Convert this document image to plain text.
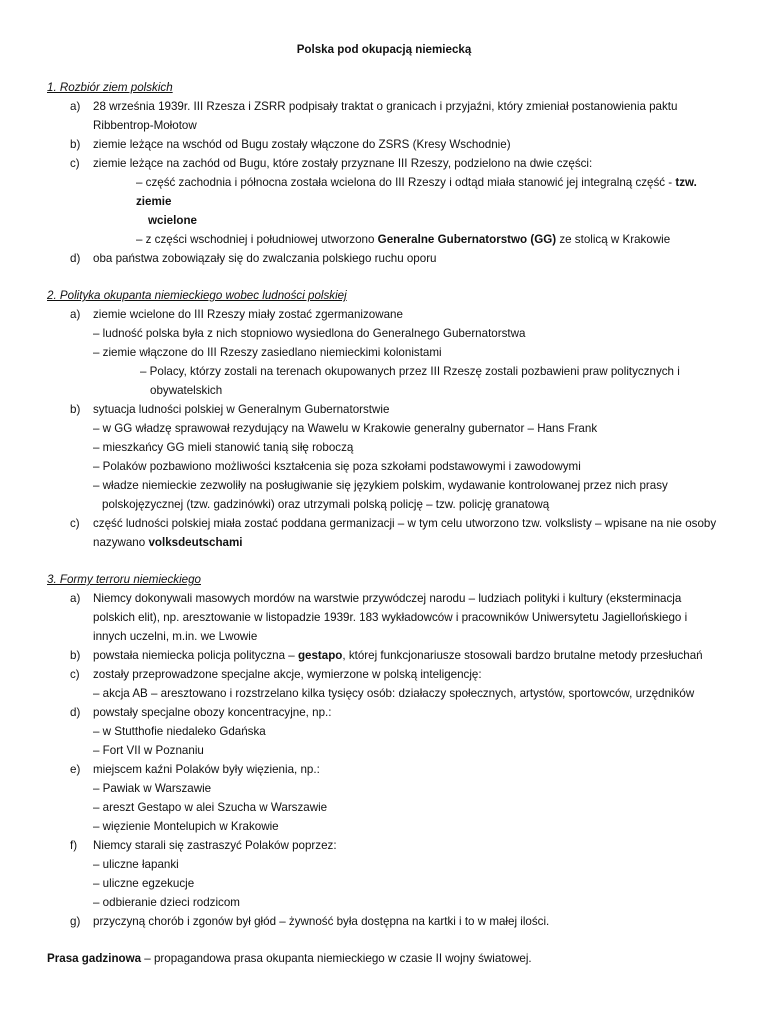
Polska pod okupacją niemiecką
1. Rozbiór ziem polskich
a) 28 września 1939r. III Rzesza i ZSRR podpisały traktat o granicach i przyjaźni, który zmieniał postanowienia paktu
Ribbentrop-Mołotow
b) ziemie leżące na wschód od Bugu zostały włączone do ZSRS (Kresy Wschodnie)
c) ziemie leżące na zachód od Bugu, które zostały przyznane III Rzeszy, podzielono na dwie części:
– część zachodnia i północna została wcielona do III Rzeszy i odtąd miała stanowić jej integralną część - tzw.
ziemie
wcielone
– z części wschodniej i południowej utworzono Generalne Gubernatorstwo (GG) ze stolicą w Krakowie
d) oba państwa zobowiązały się do zwalczania polskiego ruchu oporu
2. Polityka okupanta niemieckiego wobec ludności polskiej
a) ziemie wcielone do III Rzeszy miały zostać zgermanizowane
– ludność polska była z nich stopniowo wysiedlona do Generalnego Gubernatorstwa
– ziemie włączone do III Rzeszy zasiedlano niemieckimi kolonistami
– Polacy, którzy zostali na terenach okupowanych przez III Rzeszę zostali pozbawieni praw politycznych i
obywatelskich
b) sytuacja ludności polskiej w Generalnym Gubernatorstwie
– w GG władzę sprawował rezydujący na Wawelu w Krakowie generalny gubernator – Hans Frank
– mieszkańcy GG mieli stanowić tanią siłę roboczą
– Polaków pozbawiono możliwości kształcenia się poza szkołami podstawowymi i zawodowymi
– władze niemieckie zezwoliły na posługiwanie się językiem polskim, wydawanie kontrolowanej przez nich prasy
polskojęzycznej (tzw. gadzinówki) oraz utrzymali polską policję – tzw. policję granatową
c) część ludności polskiej miała zostać poddana germanizacji – w tym celu utworzono tzw. volkslisty – wpisane na nie osoby
nazywano volksdeutschami
3. Formy terroru niemieckiego
a) Niemcy dokonywali masowych mordów na warstwie przywódczej narodu – ludziach polityki i kultury (eksterminacja
polskich elit), np. aresztowanie w listopadzie 1939r. 183 wykładowców i pracowników Uniwersytetu Jagiellońskiego i
innych uczelni, m.in. we Lwowie
b) powstała niemiecka policja polityczna – gestapo, której funkcjonariusze stosowali bardzo brutalne metody przesłuchań
c) zostały przeprowadzone specjalne akcje, wymierzone w polską inteligencję:
– akcja AB – aresztowano i rozstrzelano kilka tysięcy osób: działaczy społecznych, artystów, sportowców, urzędników
d) powstały specjalne obozy koncentracyjne, np.:
– w Stutthofie niedaleko Gdańska
– Fort VII w Poznaniu
e) miejscem kaźni Polaków były więzienia, np.:
– Pawiak w Warszawie
– areszt Gestapo w alei Szucha w Warszawie
– więzienie Montelupich w Krakowie
f) Niemcy starali się zastraszyć Polaków poprzez:
– uliczne łapanki
– uliczne egzekucje
– odbieranie dzieci rodzicom
g) przyczyną chorób i zgonów był głód – żywność była dostępna na kartki i to w małej ilości.
Prasa gadzinowa – propagandowa prasa okupanta niemieckiego w czasie II wojny światowej.
